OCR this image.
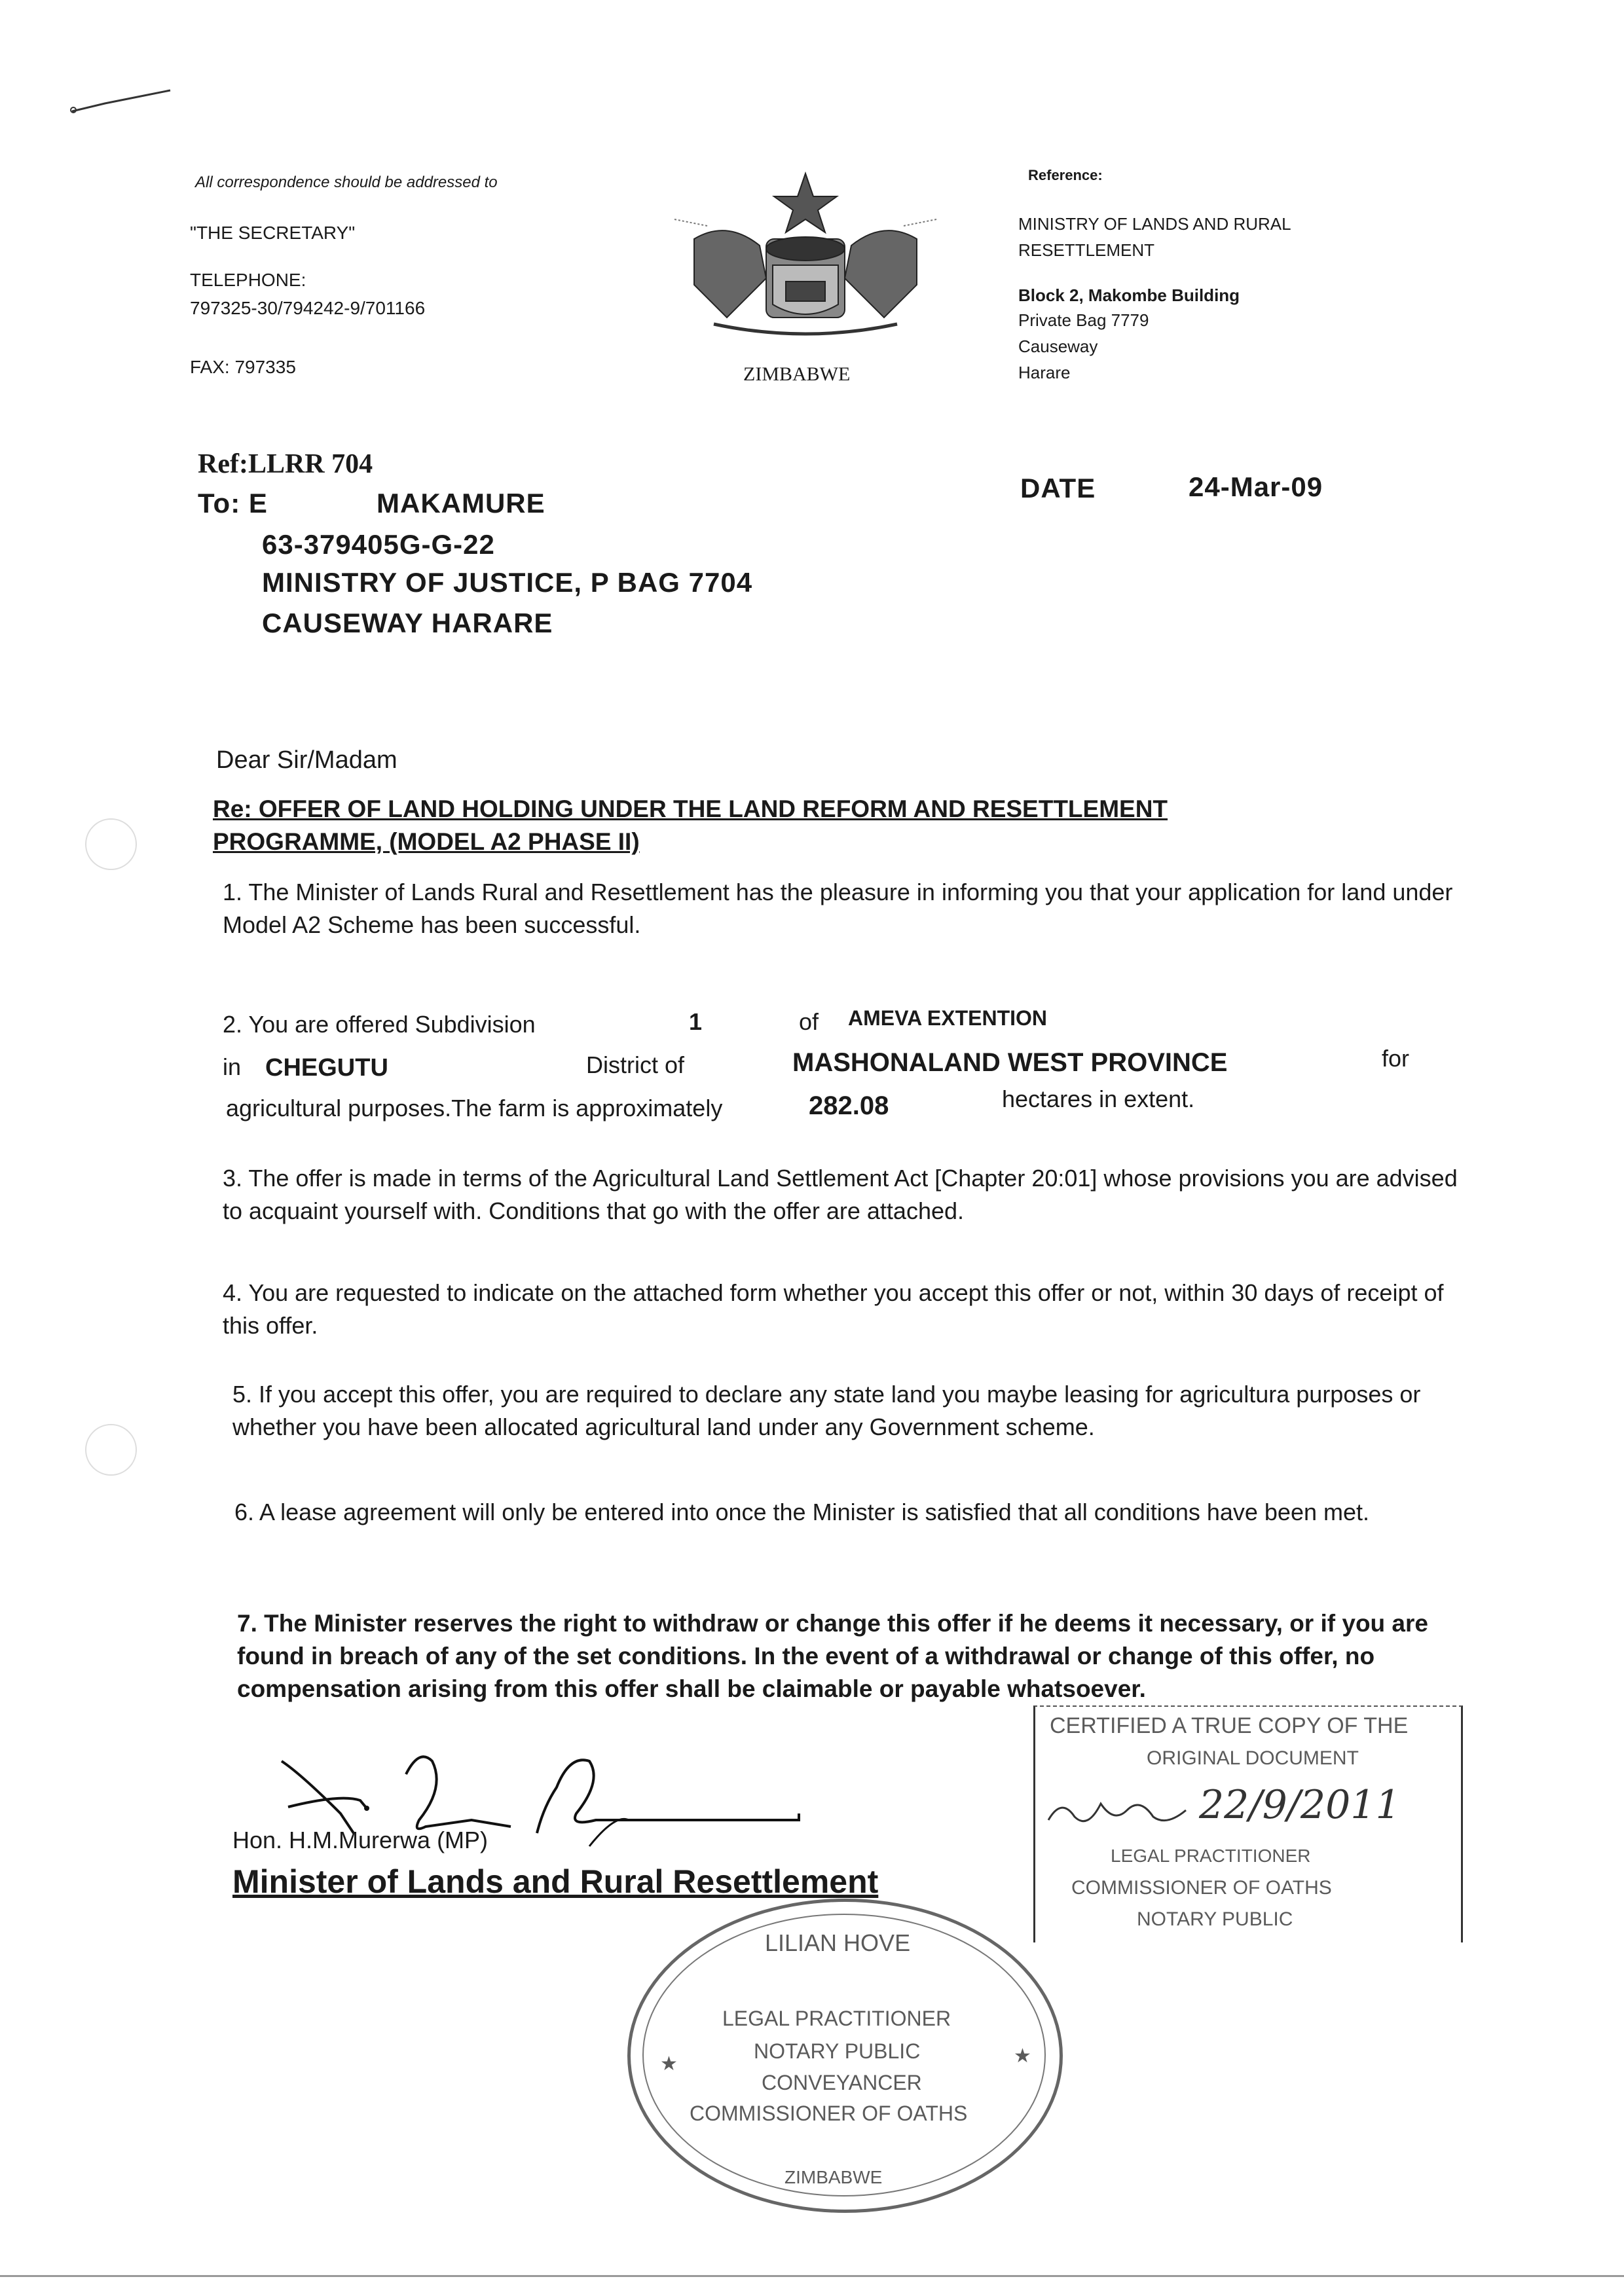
All correspondence should be addressed to
"THE SECRETARY"
TELEPHONE:
797325-30/794242-9/701166
FAX: 797335	ZIMBABWE
Reference:
MINISTRY OF LANDS AND RURAL
RESETTLEMENT
Block 2, Makombe Building
Private Bag 7779
Causeway
Harare
Ref:LLRR 704
To: E	MAKAMURE
63-379405G-G-22
MINISTRY OF JUSTICE, P BAG 7704
CAUSEWAY HARARE
DATE	24-Mar-09
Dear Sir/Madam
Re: OFFER OF LAND HOLDING UNDER THE LAND REFORM AND RESETTLEMENT
PROGRAMME, (MODEL A2 PHASE II)
1. The Minister of Lands Rural and Resettlement has the pleasure in informing you that your application for land under Model A2 Scheme has been successful.
2. You are offered Subdivision	1	of AMEVA EXTENTION
in CHEGUTU	District of	MASHONALAND WEST PROVINCE	for
agricultural purposes.The farm is approximately	282.08	hectares in extent.
3. The offer is made in terms of the Agricultural Land Settlement Act [Chapter 20:01] whose provisions you are advised to acquaint yourself with. Conditions that go with the offer are attached.
4. You are requested to indicate on the attached form whether you accept this offer or not, within 30 days of receipt of this offer.
5. If you accept this offer, you are required to declare any state land you maybe leasing for agricultura purposes or whether you have been allocated agricultural land under any Government scheme.
6. A lease agreement will only be entered into once the Minister is satisfied that all conditions have been met.
7. The Minister reserves the right to withdraw or change this offer if he deems it necessary, or if you are found in breach of any of the set conditions. In the event of a withdrawal or change of this offer, no compensation arising from this offer shall be claimable or payable whatsoever.
Hon. H.M.Murerwa (MP)
Minister of Lands and Rural Resettlement
CERTIFIED A TRUE COPY OF THE
ORIGINAL DOCUMENT
22/9/2011
LEGAL PRACTITIONER
COMMISSIONER OF OATHS
NOTARY PUBLIC
LILIAN HOVE
LEGAL PRACTITIONER
NOTARY PUBLIC
CONVEYANCER
COMMISSIONER OF OATHS
ZIMBABWE
★	★
